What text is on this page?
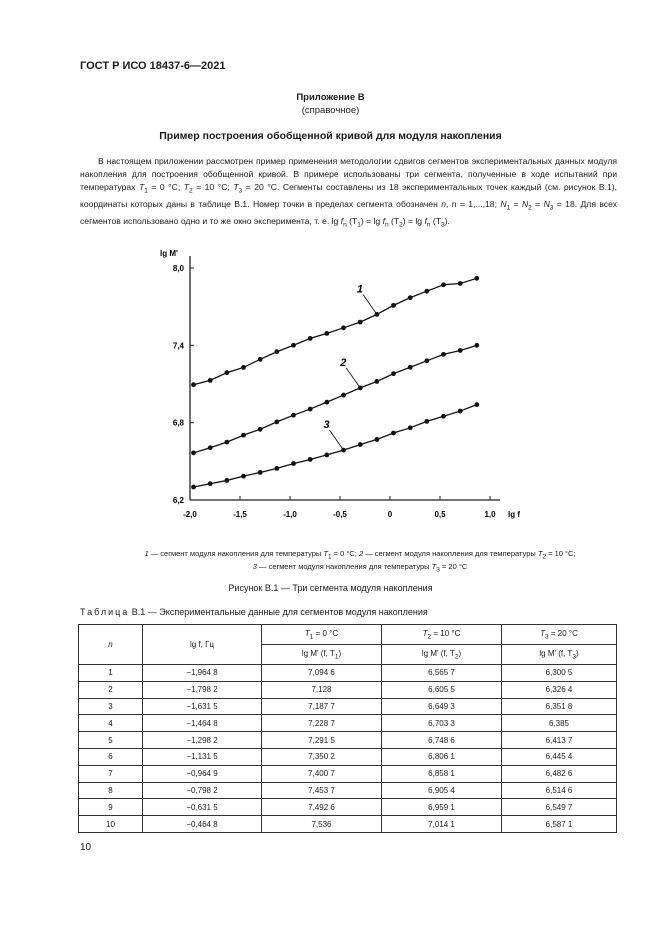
ГОСТ Р ИСО 18437-6—2021
Приложение В
(справочное)
Пример построения обобщенной кривой для модуля накопления
В настоящем приложении рассмотрен пример применения методологии сдвигов сегментов экспериментальных данных модуля накопления для построения обобщенной кривой. В примере использованы три сегмента, полученные в ходе испытаний при температурах $T_1 = 0$ °С; $T_2 = 10$ °С; $T_3 = 20$ °С. Сегменты составлены из 18 экспериментальных точек каждый (см. рисунок В.1), координаты которых даны в таблице В.1. Номер точки в пределах сегмента обозначен n, n = 1,...,18; $N_1 = N_2 = N_3 = 18$. Для всех сегментов использовано одно и то же окно эксперимента, т. е. $\lg f_n$ $(T_1) = \lg f_n$ $(T_2) = \lg f_n$ $(T_3)$.
6,2
6,8
7,4
8,0
-2,0	-1,5	-1,0	-0,5	0	0,5	1,0
lg M'
lg f
1
2
3
1 — сегмент модуля накопления для температуры $T_1 = 0$ °С; 2 — сегмент модуля накопления для температуры $T_2 = 10$ °С;
3 — сегмент модуля накопления для температуры $T_3 = 20$ °С
Рисунок В.1 — Три сегмента модуля накопления
Таблица В.1 — Экспериментальные данные для сегментов модуля накопления
n	lg f, Гц	$T_1 = 0$ °С	$T_2 = 10$ °С	$T_3 = 20$ °С
		lg M' (f, $T_1$)	lg M' (f, $T_2$)	lg M' (f, $T_3$)
1	−1,964 8	7,094 6	6,565 7	6,300 5
2	−1,798 2	7,128	6,605 5	6,326 4
3	−1,631 5	7,187 7	6,649 3	6,351 8
4	−1,464 8	7,228 7	6,703 3	6,385
5	−1,298 2	7,291 5	6,748 6	6,413 7
6	−1,131 5	7,350 2	6,806 1	6,445 4
7	−0,964 9	7,400 7	6,858 1	6,482 6
8	−0,798 2	7,453 7	6,905 4	6,514 6
9	−0,631 5	7,492 6	6,959 1	6,549 7
10	−0,464 8	7,536	7,014 1	6,587 1
10
